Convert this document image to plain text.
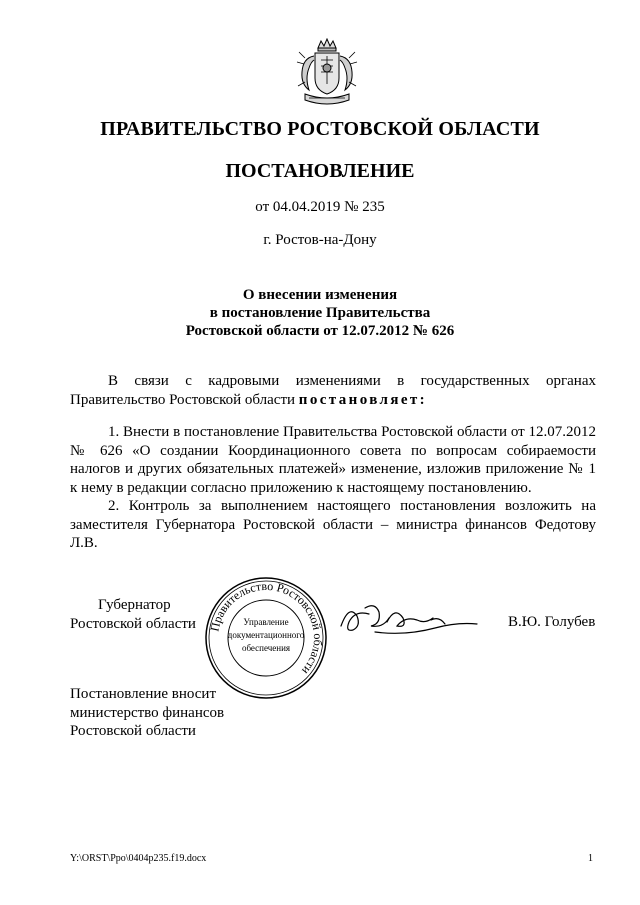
ПРАВИТЕЛЬСТВО РОСТОВСКОЙ ОБЛАСТИ
ПОСТАНОВЛЕНИЕ
от 04.04.2019 № 235
г. Ростов-на-Дону
О внесении изменения
в постановление Правительства
Ростовской области от 12.07.2012 № 626
В связи с кадровыми изменениями в государственных органах Правительство Ростовской области постановляет:
1. Внести в постановление Правительства Ростовской области от 12.07.2012 № 626 «О создании Координационного совета по вопросам собираемости налогов и других обязательных платежей» изменение, изложив приложение № 1 к нему в редакции согласно приложению к настоящему постановлению.
2. Контроль за выполнением настоящего постановления возложить на заместителя Губернатора Ростовской области – министра финансов Федотову Л.В.
Губернатор
Ростовской области Правительство Ростовской области
Управление
документационного
обеспечения
В.Ю. Голубев
Постановление вносит
министерство финансов
Ростовской области
Y:\ORST\Ppo\0404p235.f19.docx	1
